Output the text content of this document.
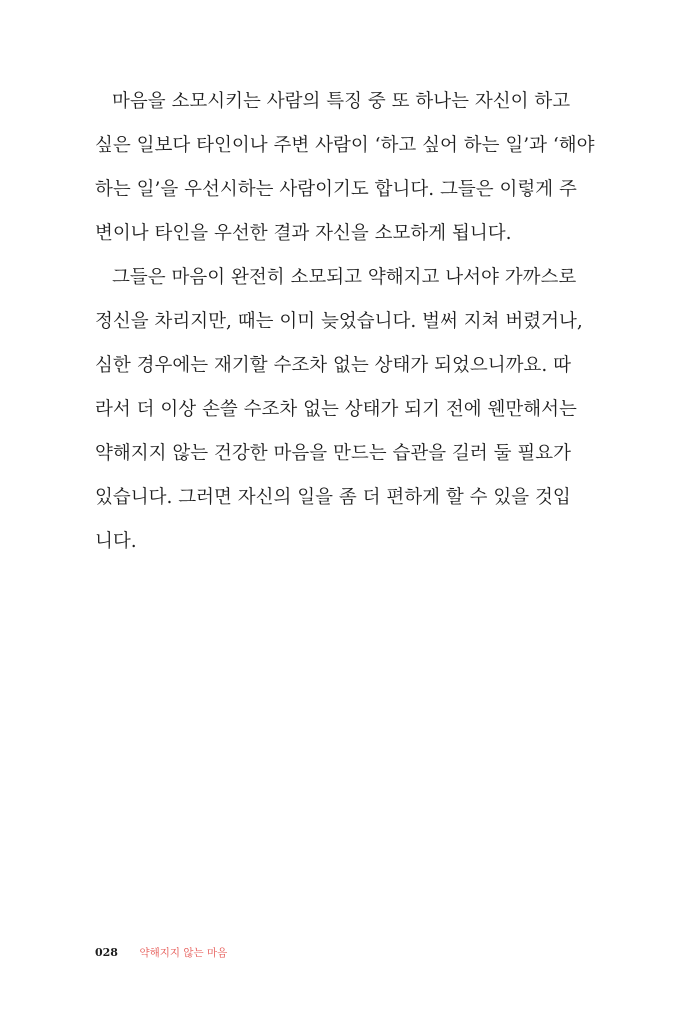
마음을 소모시키는 사람의 특징 중 또 하나는 자신이 하고
싶은 일보다 타인이나 주변 사람이 ‘하고 싶어 하는 일’과 ‘해야
하는 일’을 우선시하는 사람이기도 합니다. 그들은 이렇게 주
변이나 타인을 우선한 결과 자신을 소모하게 됩니다.
그들은 마음이 완전히 소모되고 약해지고 나서야 가까스로
정신을 차리지만, 때는 이미 늦었습니다. 벌써 지쳐 버렸거나,
심한 경우에는 재기할 수조차 없는 상태가 되었으니까요. 따
라서 더 이상 손쓸 수조차 없는 상태가 되기 전에 웬만해서는
약해지지 않는 건강한 마음을 만드는 습관을 길러 둘 필요가
있습니다. 그러면 자신의 일을 좀 더 편하게 할 수 있을 것입
니다.
028 약해지지 않는 마음
